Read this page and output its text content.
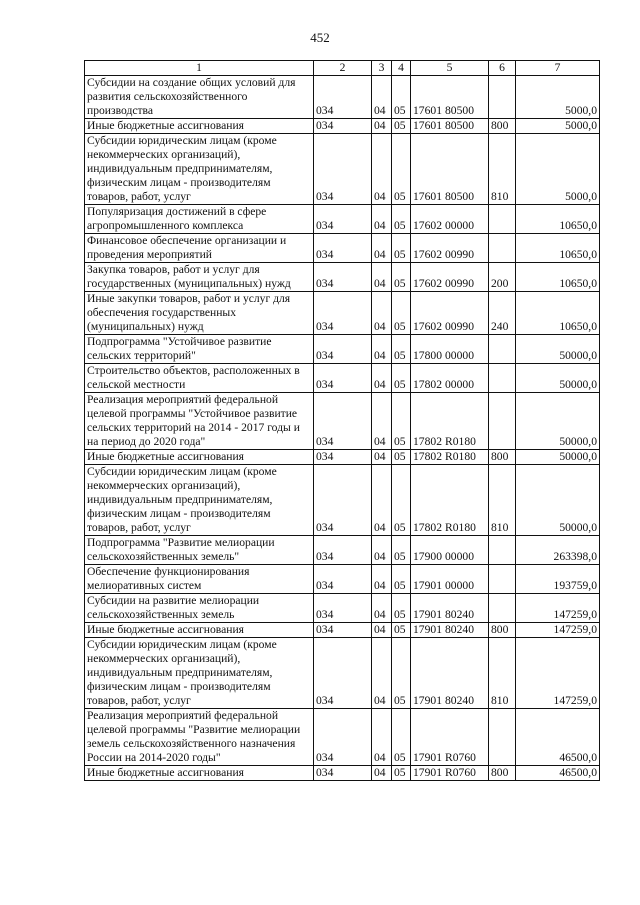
452
1	2	3	4	5	6	7
Субсидии на создание общих условий для развития сельскохозяйственного производства	034	04	05	17601 80500		5000,0
Иные бюджетные ассигнования	034	04	05	17601 80500	800	5000,0
Субсидии юридическим лицам (кроме некоммерческих организаций), индивидуальным предпринимателям, физическим лицам - производителям товаров, работ, услуг	034	04	05	17601 80500	810	5000,0
Популяризация достижений в сфере агропромышленного комплекса	034	04	05	17602 00000		10650,0
Финансовое обеспечение организации и проведения мероприятий	034	04	05	17602 00990		10650,0
Закупка товаров, работ и услуг для государственных (муниципальных) нужд	034	04	05	17602 00990	200	10650,0
Иные закупки товаров, работ и услуг для обеспечения государственных (муниципальных) нужд	034	04	05	17602 00990	240	10650,0
Подпрограмма "Устойчивое развитие сельских территорий"	034	04	05	17800 00000		50000,0
Строительство объектов, расположенных в сельской местности	034	04	05	17802 00000		50000,0
Реализация мероприятий федеральной целевой программы "Устойчивое развитие сельских территорий на 2014 - 2017 годы и на период до 2020 года"	034	04	05	17802 R0180		50000,0
Иные бюджетные ассигнования	034	04	05	17802 R0180	800	50000,0
Субсидии юридическим лицам (кроме некоммерческих организаций), индивидуальным предпринимателям, физическим лицам - производителям товаров, работ, услуг	034	04	05	17802 R0180	810	50000,0
Подпрограмма "Развитие мелиорации сельскохозяйственных земель"	034	04	05	17900 00000		263398,0
Обеспечение функционирования мелиоративных систем	034	04	05	17901 00000		193759,0
Субсидии на развитие мелиорации сельскохозяйственных земель	034	04	05	17901 80240		147259,0
Иные бюджетные ассигнования	034	04	05	17901 80240	800	147259,0
Субсидии юридическим лицам (кроме некоммерческих организаций), индивидуальным предпринимателям, физическим лицам - производителям товаров, работ, услуг	034	04	05	17901 80240	810	147259,0
Реализация мероприятий федеральной целевой программы "Развитие мелиорации земель сельскохозяйственного назначения России на 2014-2020 годы"	034	04	05	17901 R0760		46500,0
Иные бюджетные ассигнования	034	04	05	17901 R0760	800	46500,0
